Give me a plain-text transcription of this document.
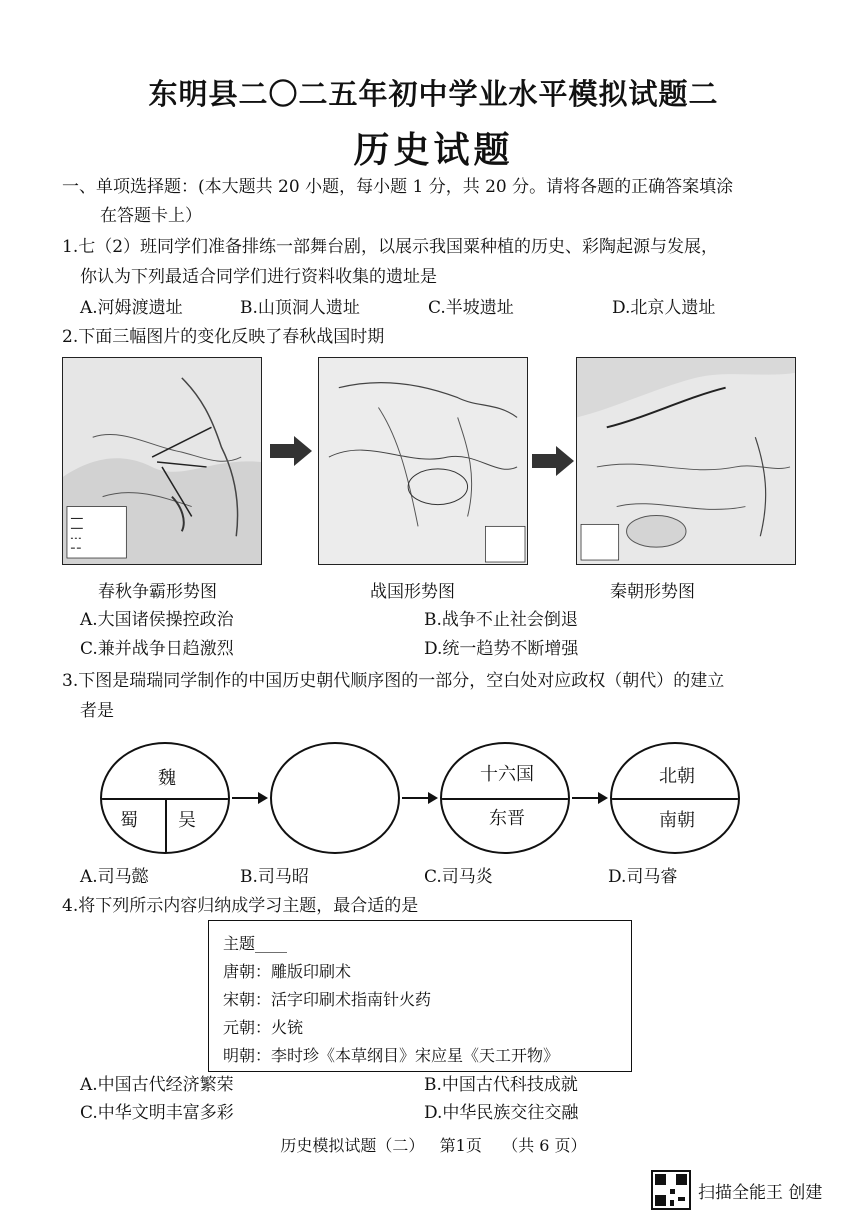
东明县二〇二五年初中学业水平模拟试题二
历史试题
一、单项选择题：(本大题共 20 小题，每小题 1 分，共 20 分。请将各题的正确答案填涂
在答题卡上）
1.七（2）班同学们准备排练一部舞台剧，以展示我国粟种植的历史、彩陶起源与发展，
你认为下列最适合同学们进行资料收集的遗址是
A.河姆渡遗址	B.山顶洞人遗址	C.半坡遗址	D.北京人遗址
2.下面三幅图片的变化反映了春秋战国时期
春秋争霸形势图	战国形势图	秦朝形势图
A.大国诸侯操控政治	B.战争不止社会倒退
C.兼并战争日趋激烈	D.统一趋势不断增强
3.下图是瑞瑞同学制作的中国历史朝代顺序图的一部分，空白处对应政权（朝代）的建立
者是
魏
蜀 吴
十六国
东晋
北朝
南朝
A.司马懿	B.司马昭	C.司马炎	D.司马睿
4.将下列所示内容归纳成学习主题，最合适的是
主题____
唐朝：雕版印刷术
宋朝：活字印刷术指南针火药
元朝：火铳
明朝：李时珍《本草纲目》宋应星《天工开物》
A.中国古代经济繁荣	B.中国古代科技成就
C.中华文明丰富多彩	D.中华民族交往交融
历史模拟试题（二）   第1页    （共 6 页）
扫描全能王 创建
